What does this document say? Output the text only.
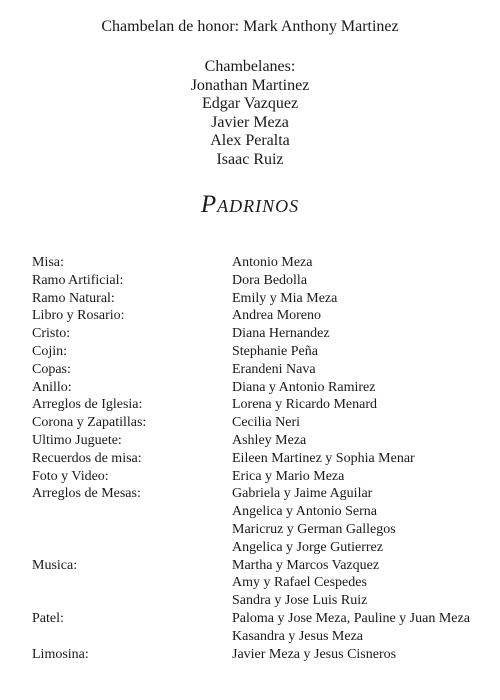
Chambelan de honor: Mark Anthony Martinez
Chambelanes:
Jonathan Martinez
Edgar Vazquez
Javier Meza
Alex Peralta
Isaac Ruiz
Padrinos
Misa:	Antonio Meza
Ramo Artificial:	Dora Bedolla
Ramo Natural:	Emily y Mia Meza
Libro y Rosario:	Andrea Moreno
Cristo:	Diana Hernandez
Cojin:	Stephanie Peña
Copas:	Erandeni Nava
Anillo:	Diana y Antonio Ramirez
Arreglos de Iglesia:	Lorena y Ricardo Menard
Corona y Zapatillas:	Cecilia Neri
Ultimo Juguete:	Ashley Meza
Recuerdos de misa:	Eileen Martinez y Sophia Menar
Foto y Video:	Erica y Mario Meza
Arreglos de Mesas:	Gabriela y Jaime Aguilar
Angelica y Antonio Serna
Maricruz y German Gallegos
Angelica y Jorge Gutierrez
Musica:	Martha y Marcos Vazquez
Amy y Rafael Cespedes
Sandra y Jose Luis Ruiz
Patel:	Paloma y Jose Meza, Pauline y Juan Meza
Kasandra y Jesus Meza
Limosina:	Javier Meza y Jesus Cisneros
